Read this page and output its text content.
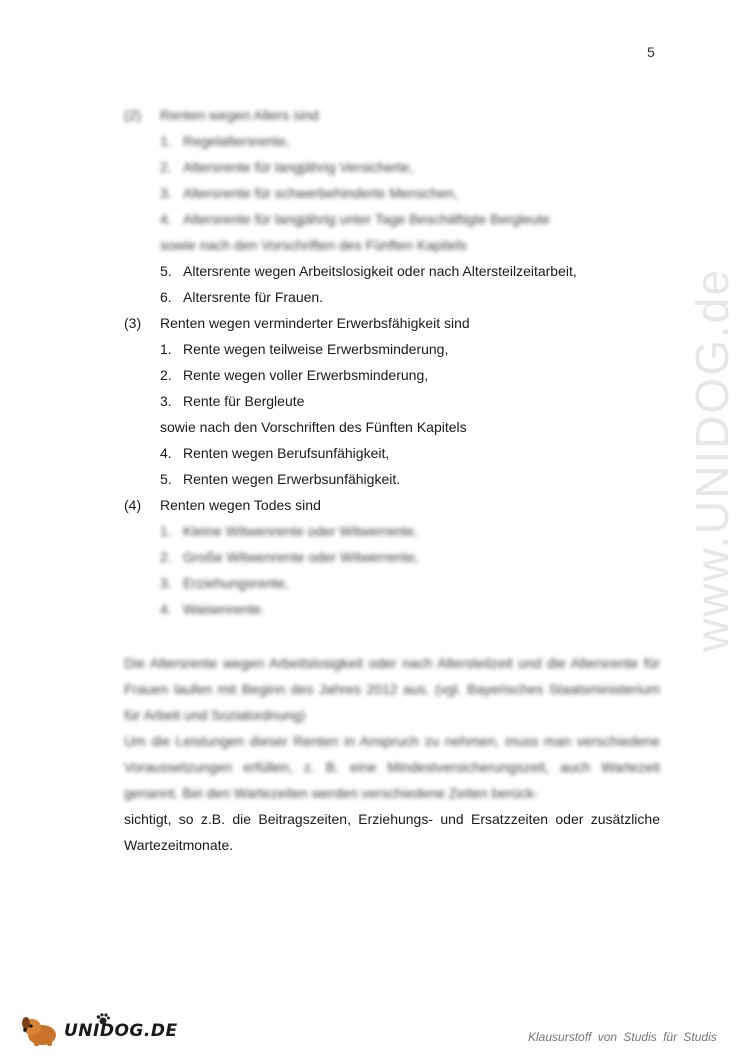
5
www.UNIDOG.de
(2) Renten wegen Alters sind
1. Regelaltersrente,
2. Altersrente für langjährig Versicherte,
3. Altersrente für schwerbehinderte Menschen,
4. Altersrente für langjährig unter Tage Beschäftigte Bergleute
sowie nach den Vorschriften des Fünften Kapitels
5. Altersrente wegen Arbeitslosigkeit oder nach Altersteilzeitarbeit,
6. Altersrente für Frauen.
(3) Renten wegen verminderter Erwerbsfähigkeit sind
1. Rente wegen teilweise Erwerbsminderung,
2. Rente wegen voller Erwerbsminderung,
3. Rente für Bergleute
sowie nach den Vorschriften des Fünften Kapitels
4. Renten wegen Berufsunfähigkeit,
5. Renten wegen Erwerbsunfähigkeit.
(4) Renten wegen Todes sind
1. Kleine Witwenrente oder Witwerrente,
2. Große Witwenrente oder Witwerrente,
3. Erziehungsrente,
4. Waisenrente.
Die Altersrente wegen Arbeitslosigkeit oder nach Altersteilzeit und die Altersrente für Frauen laufen mit Beginn des Jahres 2012 aus. (vgl. Bayerisches Staatsministerium für Arbeit und Sozialordnung)
Um die Leistungen dieser Renten in Anspruch zu nehmen, muss man verschiedene Voraussetzungen erfüllen, z. B. eine Mindestversicherungszeit, auch Wartezeit genannt. Bei den Wartezeiten werden verschiedene Zeiten berück-
sichtigt, so z.B. die Beitragszeiten, Erziehungs- und Ersatzzeiten oder zusätzliche Wartezeitmonate.
UNIDOG.DE	Klausurstoff von Studis für Studis
